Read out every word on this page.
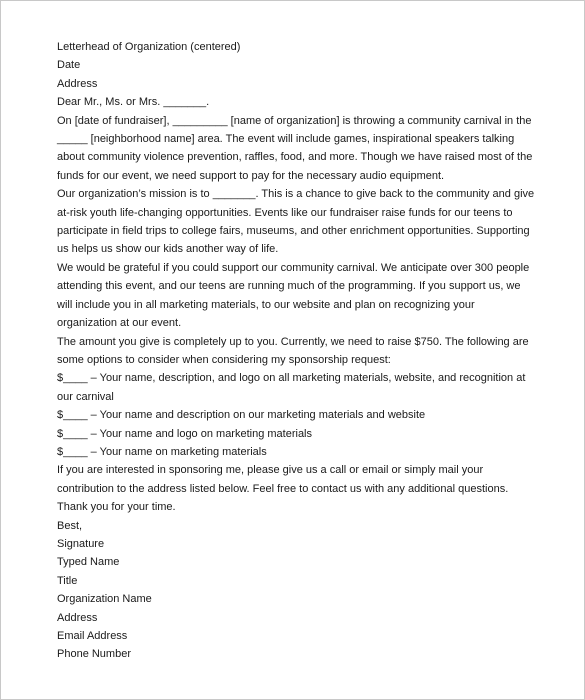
Letterhead of Organization (centered)

Date

Address

Dear Mr., Ms. or Mrs. _______.

On [date of fundraiser], _________ [name of organization] is throwing a community carnival in the _____ [neighborhood name] area. The event will include games, inspirational speakers talking about community violence prevention, raffles, food, and more. Though we have raised most of the funds for our event, we need support to pay for the necessary audio equipment.

Our organization’s mission is to _______. This is a chance to give back to the community and give at-risk youth life-changing opportunities. Events like our fundraiser raise funds for our teens to participate in field trips to college fairs, museums, and other enrichment opportunities. Supporting us helps us show our kids another way of life.

We would be grateful if you could support our community carnival. We anticipate over 300 people attending this event, and our teens are running much of the programming. If you support us, we will include you in all marketing materials, to our website and plan on recognizing your organization at our event.

The amount you give is completely up to you. Currently, we need to raise $750. The following are some options to consider when considering my sponsorship request:

$____ – Your name, description, and logo on all marketing materials, website, and recognition at our carnival

$____ – Your name and description on our marketing materials and website

$____ – Your name and logo on marketing materials

$____ – Your name on marketing materials

If you are interested in sponsoring me, please give us a call or email or simply mail your contribution to the address listed below. Feel free to contact us with any additional questions. Thank you for your time.

Best,

Signature

Typed Name

Title

Organization Name

Address

Email Address

Phone Number
